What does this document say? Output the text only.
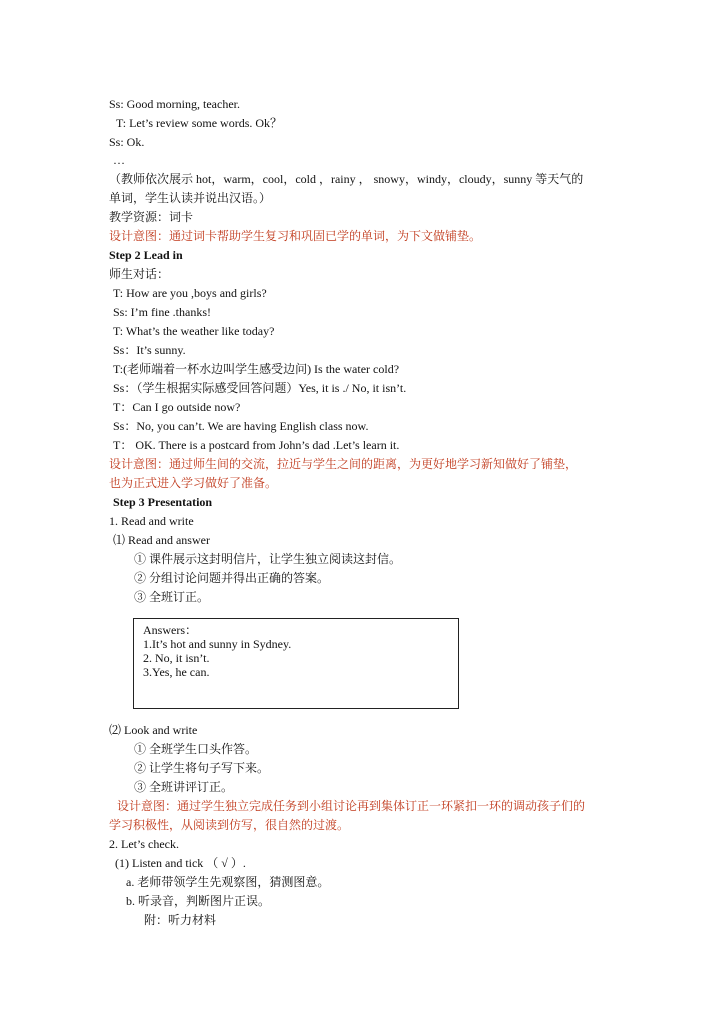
Ss: Good morning, teacher.
T: Let’s review some words. Ok？
Ss: Ok.
…
（教师依次展示 hot，warm，cool，cold ，rainy ， snowy，windy，cloudy，sunny 等天气的
单词，学生认读并说出汉语。）
教学资源：词卡
设计意图：通过词卡帮助学生复习和巩固已学的单词，为下文做铺垫。
Step 2 Lead in
师生对话：
T: How are you ,boys and girls?
Ss: I’m fine .thanks!
T: What’s the weather like today?
Ss：It’s sunny.
T:(老师端着一杯水边叫学生感受边问) Is the water cold?
Ss：（学生根据实际感受回答问题）Yes, it is ./ No, it isn’t.
T：Can I go outside now?
Ss：No, you can’t. We are having English class now.
T： OK. There is a postcard from John’s dad .Let’s learn it.
设计意图：通过师生间的交流，拉近与学生之间的距离，为更好地学习新知做好了铺垫，
也为正式进入学习做好了准备。
Step 3 Presentation
1. Read and write
⑴ Read and answer
① 课件展示这封明信片，让学生独立阅读这封信。
② 分组讨论问题并得出正确的答案。
③ 全班订正。
Answers：
1.It’s hot and sunny in Sydney.
2. No, it isn’t.
3.Yes, he can.
⑵ Look and write
① 全班学生口头作答。
② 让学生将句子写下来。
③ 全班讲评订正。
设计意图：通过学生独立完成任务到小组讨论再到集体订正一环紧扣一环的调动孩子们的
学习积极性，从阅读到仿写，很自然的过渡。
2. Let’s check.
(1) Listen and tick （ √ ）.
a. 老师带领学生先观察图，猜测图意。
b. 听录音，判断图片正误。
附：听力材料
